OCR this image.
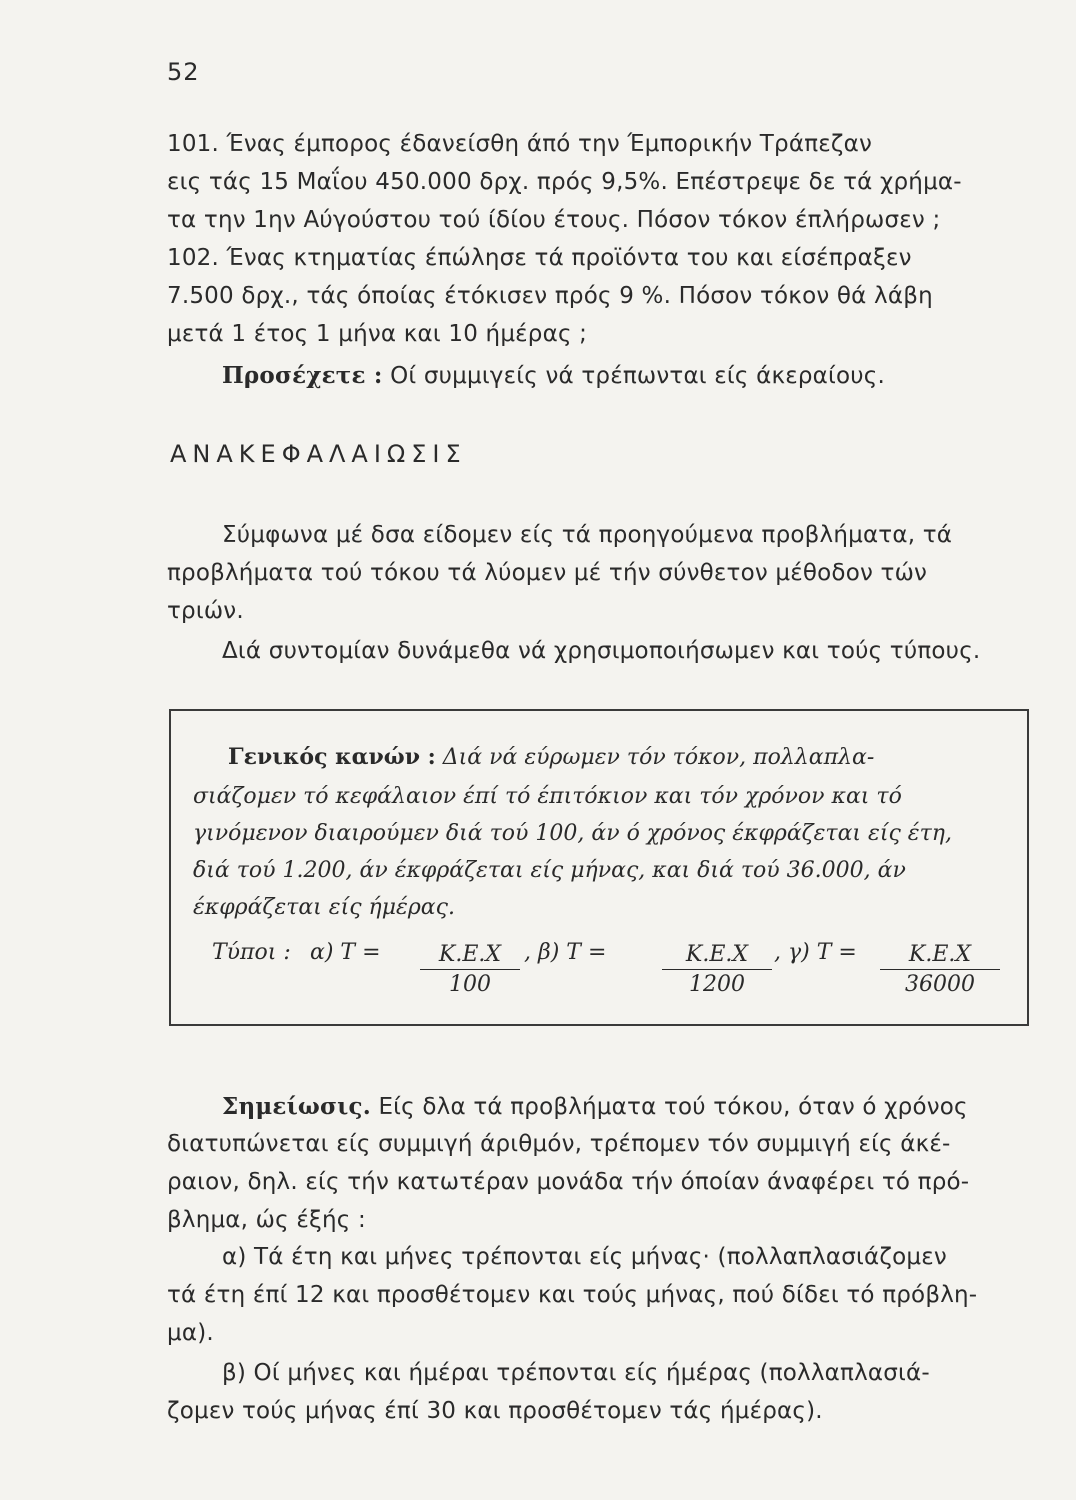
52
101. Ένας έμπορος έδανείσθη άπό την Έμπορικήν Τράπεζαν
εις τάς 15 Μαΐου 450.000 δρχ. πρός 9,5%. Επέστρεψε δε τά χρήμα-
τα την 1ην Αύγούστου τού ίδίου έτους. Πόσον τόκον έπλήρωσεν ;
102. Ένας κτηματίας έπώλησε τά προϊόντα του και είσέπραξεν
7.500 δρχ., τάς όποίας έτόκισεν πρός 9 %. Πόσον τόκον θά λάβη
μετά 1 έτος 1 μήνα και 10 ήμέρας ;
Προσέχετε : Οί συμμιγείς νά τρέπωνται είς άκεραίους.
ΑΝΑΚΕΦΑΛΑΙΩΣΙΣ
Σύμφωνα μέ δσα είδομεν είς τά προηγούμενα προβλήματα, τά
προβλήματα τού τόκου τά λύομεν μέ τήν σύνθετον μέθοδον τών
τριών.
Διά συντομίαν δυνάμεθα νά χρησιμοποιήσωμεν και τούς τύπους.
Γενικός κανών : Διά νά εύρωμεν τόν τόκον, πολλαπλα-
σιάζομεν τό κεφάλαιον έπί τό έπιτόκιον και τόν χρόνον και τό
γινόμενον διαιρούμεν διά τού 100, άν ό χρόνος έκφράζεται είς έτη,
διά τού 1.200, άν έκφράζεται είς μήνας, και διά τού 36.000, άν
έκφράζεται είς ήμέρας.
Τύποι : α) $T = \frac{K.E.X}{100}$ , β) Τ =	$\frac{K.E.X}{1200}$ , γ) $T = \frac{K.E.X}{36000}$
Σημείωσις. Είς δλα τά προβλήματα τού τόκου, όταν ό χρόνος
διατυπώνεται είς συμμιγή άριθμόν, τρέπομεν τόν συμμιγή είς άκέ-
ραιον, δηλ. είς τήν κατωτέραν μονάδα τήν όποίαν άναφέρει τό πρό-
βλημα, ώς έξής :
α) Τά έτη και μήνες τρέπονται είς μήνας· (πολλαπλασιάζομεν
τά έτη έπί 12 και προσθέτομεν και τούς μήνας, πού δίδει τό πρόβλη-
μα).
β) Οί μήνες και ήμέραι τρέπονται είς ήμέρας (πολλαπλασιά-
ζομεν τούς μήνας έπί 30 και προσθέτομεν τάς ήμέρας).
